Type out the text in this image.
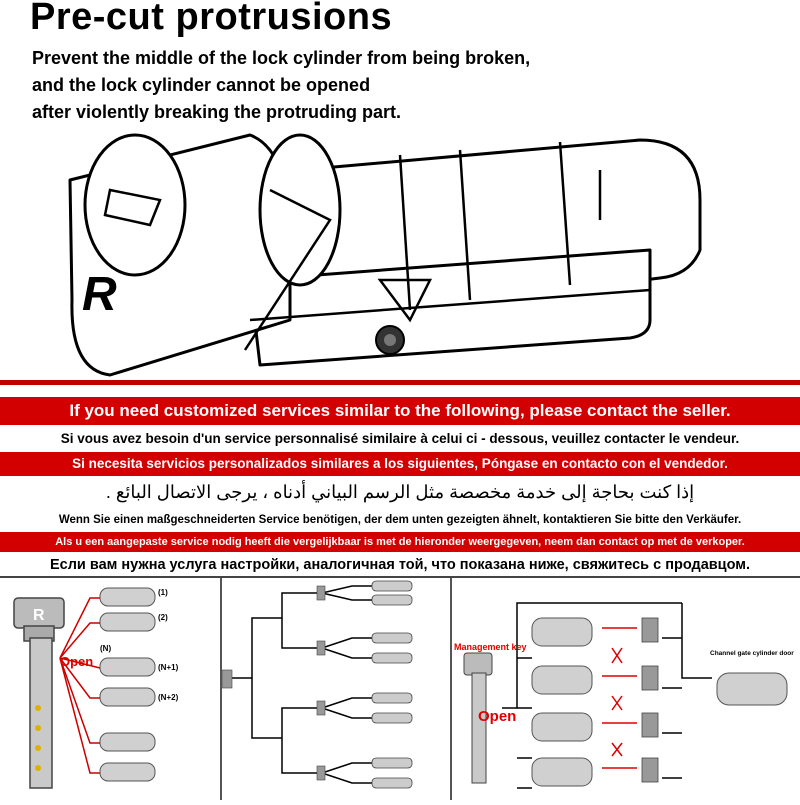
Pre-cut protrusions
Prevent the middle of the lock cylinder from being broken,
and the lock cylinder cannot be opened
after violently breaking the protruding part.
R
If you need customized services similar to the following, please contact the seller.
Si vous avez besoin d'un service personnalisé similaire à celui ci - dessous, veuillez contacter le vendeur.
Si necesita servicios personalizados similares a los siguientes, Póngase en contacto con el vendedor.
إذا كنت بحاجة إلى خدمة مخصصة مثل الرسم البياني أدناه ، يرجى الاتصال البائع .
Wenn Sie einen maßgeschneiderten Service benötigen, der dem unten gezeigten ähnelt, kontaktieren Sie bitte den Verkäufer.
Als u een aangepaste service nodig heeft die vergelijkbaar is met de hieronder weergegeven, neem dan contact op met de verkoper.
Если вам нужна услуга настройки, аналогичная той, что показана ниже, свяжитесь с продавцом.
R
Open
(1)
(2)
(N)
(N+1)
(N+2)
Management key
Open
Channel gate cylinder door
